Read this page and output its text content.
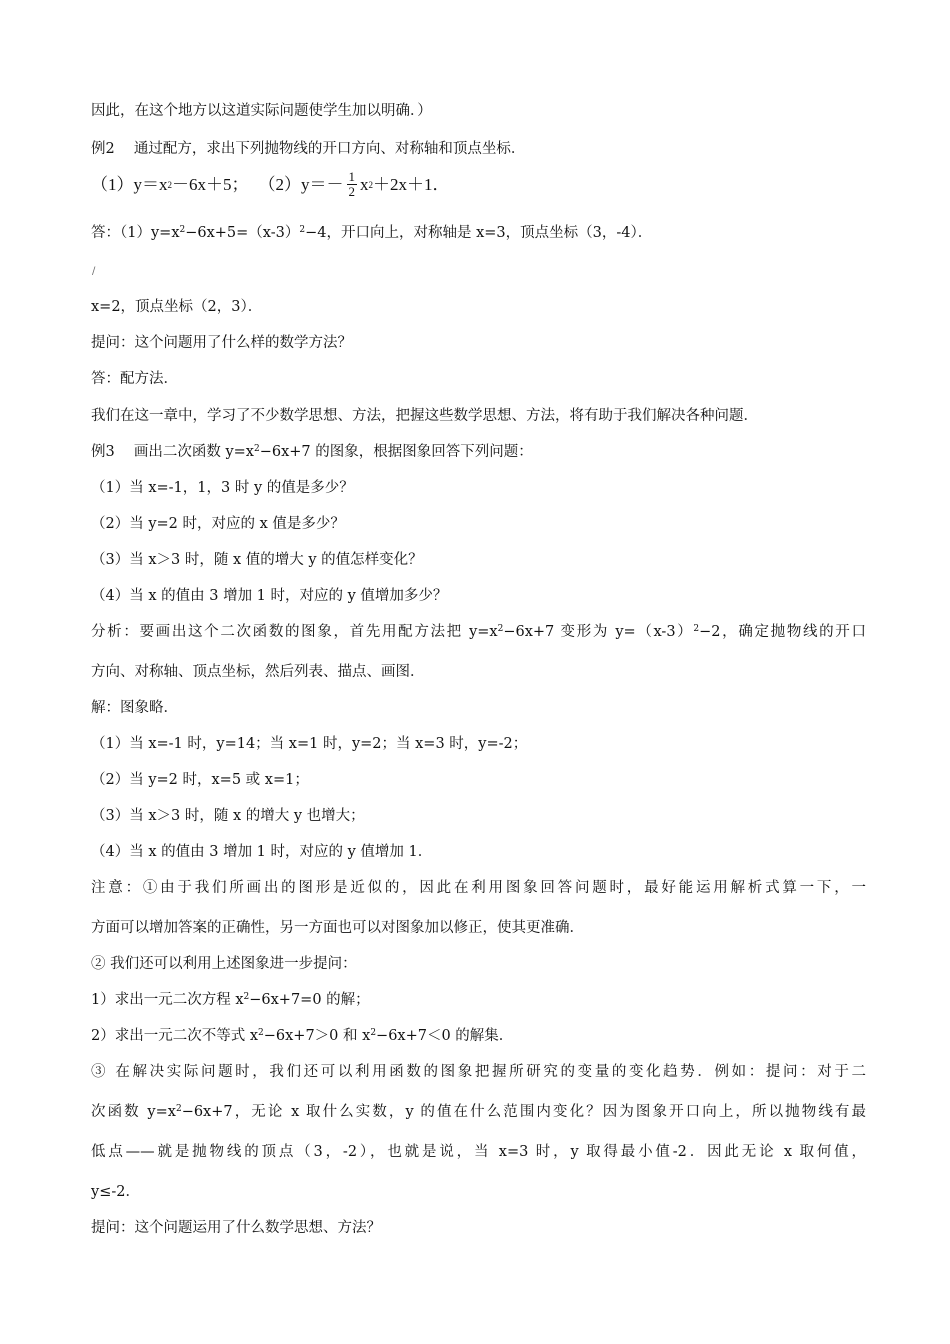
因此，在这个地方以这道实际问题使学生加以明确．）
例2　 通过配方，求出下列抛物线的开口方向、对称轴和顶点坐标．
（1）y＝x 2 －6x＋5； $(2)y=- \frac{1}{2}$ x 2 ＋2x＋1．
答：$(1)y=x^2-6x+5=(x-3)^2-4$，开口向上，对称轴是 x=3，顶点坐标（3，-4）．
/
x=2，顶点坐标（2，3）．
提问：这个问题用了什么样的数学方法？
答：配方法．
我们在这一章中，学习了不少数学思想、方法，把握这些数学思想、方法，将有助于我们解决各种问题．
例3　 画出二次函数 $y=x^2-6x+7$ 的图象，根据图象回答下列问题：
（1）当 x=-1，1，3 时 y 的值是多少？
（2）当 y=2 时，对应的 x 值是多少？
（3）当 x＞3 时，随 x 值的增大 y 的值怎样变化？
（4）当 x 的值由 3 增加 1 时，对应的 y 值增加多少？
分析：要画出这个二次函数的图象，首先用配方法把 $y=x^2-6x+7$ 变形为 $y=(x-3)^2-2$，确定抛物线的开口
方向、对称轴、顶点坐标，然后列表、描点、画图．
解：图象略．
（1）当 x=-1 时，y=14；当 x=1 时，y=2；当 x=3 时，y=-2；
（2）当 y=2 时，x=5 或 x=1；
（3）当 x＞3 时，随 x 的增大 y 也增大；
（4）当 x 的值由 3 增加 1 时，对应的 y 值增加 1．
注意：①由于我们所画出的图形是近似的，因此在利用图象回答问题时，最好能运用解析式算一下，一
方面可以增加答案的正确性，另一方面也可以对图象加以修正，使其更准确．
② 我们还可以利用上述图象进一步提问：
1）求出一元二次方程 $x^2-6x+7=0$ 的解；
2）求出一元二次不等式 $x^2-6x+7>0$ 和 $x^2-6x+7<0$ 的解集．
③ 在解决实际问题时，我们还可以利用函数的图象把握所研究的变量的变化趋势．例如：提问：对于二
次函数 $y=x^2-6x+7$，无论 x 取什么实数，y 的值在什么范围内变化？因为图象开口向上，所以抛物线有最
低点——就是抛物线的顶点（3，-2），也就是说，当 x=3 时，y 取得最小值-2．因此无论 x 取何值，
y≤-2．
提问：这个问题运用了什么数学思想、方法？
